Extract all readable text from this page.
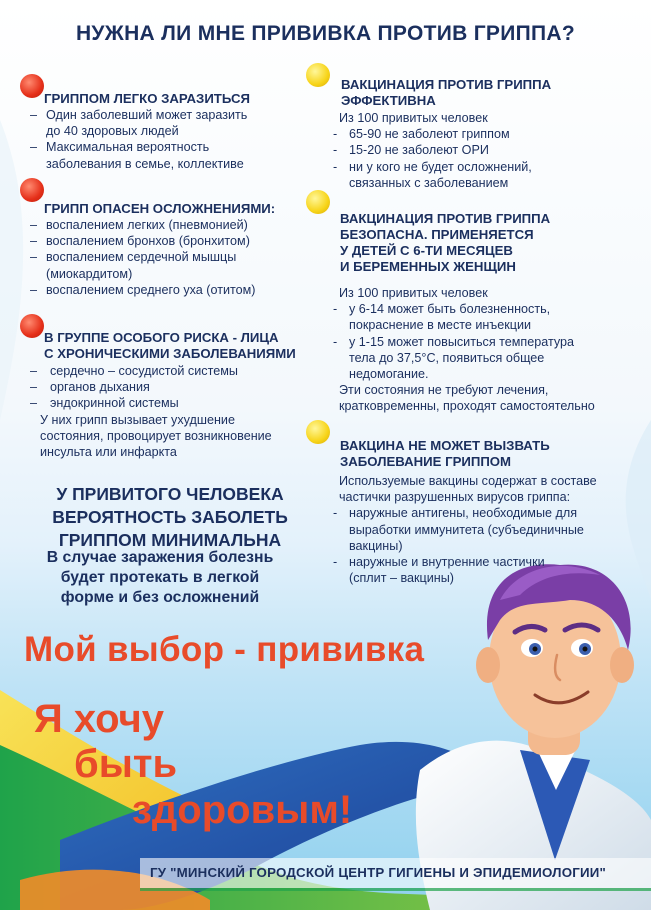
НУЖНА ЛИ МНЕ ПРИВИВКА ПРОТИВ ГРИППА?
ГРИППОМ ЛЕГКО ЗАРАЗИТЬСЯ
– Один заболевший может заразить
до 40 здоровых людей
– Максимальная вероятность
заболевания в семье, коллективе
ГРИПП ОПАСЕН ОСЛОЖНЕНИЯМИ:
– воспалением легких (пневмонией)
– воспалением бронхов (бронхитом)
– воспалением сердечной мышцы
(миокардитом)
– воспалением среднего уха (отитом)
В ГРУППЕ ОСОБОГО РИСКА - ЛИЦА
С ХРОНИЧЕСКИМИ ЗАБОЛЕВАНИЯМИ
– сердечно – сосудистой системы
– органов дыхания
– эндокринной системы
У них грипп вызывает ухудшение
состояния, провоцирует возникновение
инсульта или инфаркта
У ПРИВИТОГО ЧЕЛОВЕКА
ВЕРОЯТНОСТЬ ЗАБОЛЕТЬ
ГРИППОМ МИНИМАЛЬНА
В случае заражения болезнь
будет протекать в легкой
форме и без осложнений
ВАКЦИНАЦИЯ ПРОТИВ ГРИППА
ЭФФЕКТИВНА
Из 100 привитых человек
- 65-90 не заболеют гриппом
- 15-20 не заболеют ОРИ
- ни у кого не будет осложнений,
связанных с заболеванием
ВАКЦИНАЦИЯ ПРОТИВ ГРИППА
БЕЗОПАСНА. ПРИМЕНЯЕТСЯ
У ДЕТЕЙ С 6-ТИ МЕСЯЦЕВ
И БЕРЕМЕННЫХ ЖЕНЩИН
Из 100 привитых человек
- у 6-14 может быть болезненность,
покраснение в месте инъекции
- у 1-15 может повыситься температура
тела до 37,5°С, появиться общее
недомогание.
Эти состояния не требуют лечения,
кратковременны, проходят самостоятельно
ВАКЦИНА НЕ МОЖЕТ ВЫЗВАТЬ
ЗАБОЛЕВАНИЕ ГРИППОМ
Используемые вакцины содержат в составе
частички разрушенных вирусов гриппа:
- наружные антигены, необходимые для
выработки иммунитета (субъединичные
вакцины)
- наружные и внутренние частички
(сплит – вакцины)
Мой выбор - прививка
Я хочу
быть
здоровым!
ГУ "МИНСКИЙ ГОРОДСКОЙ ЦЕНТР ГИГИЕНЫ И ЭПИДЕМИОЛОГИИ"
